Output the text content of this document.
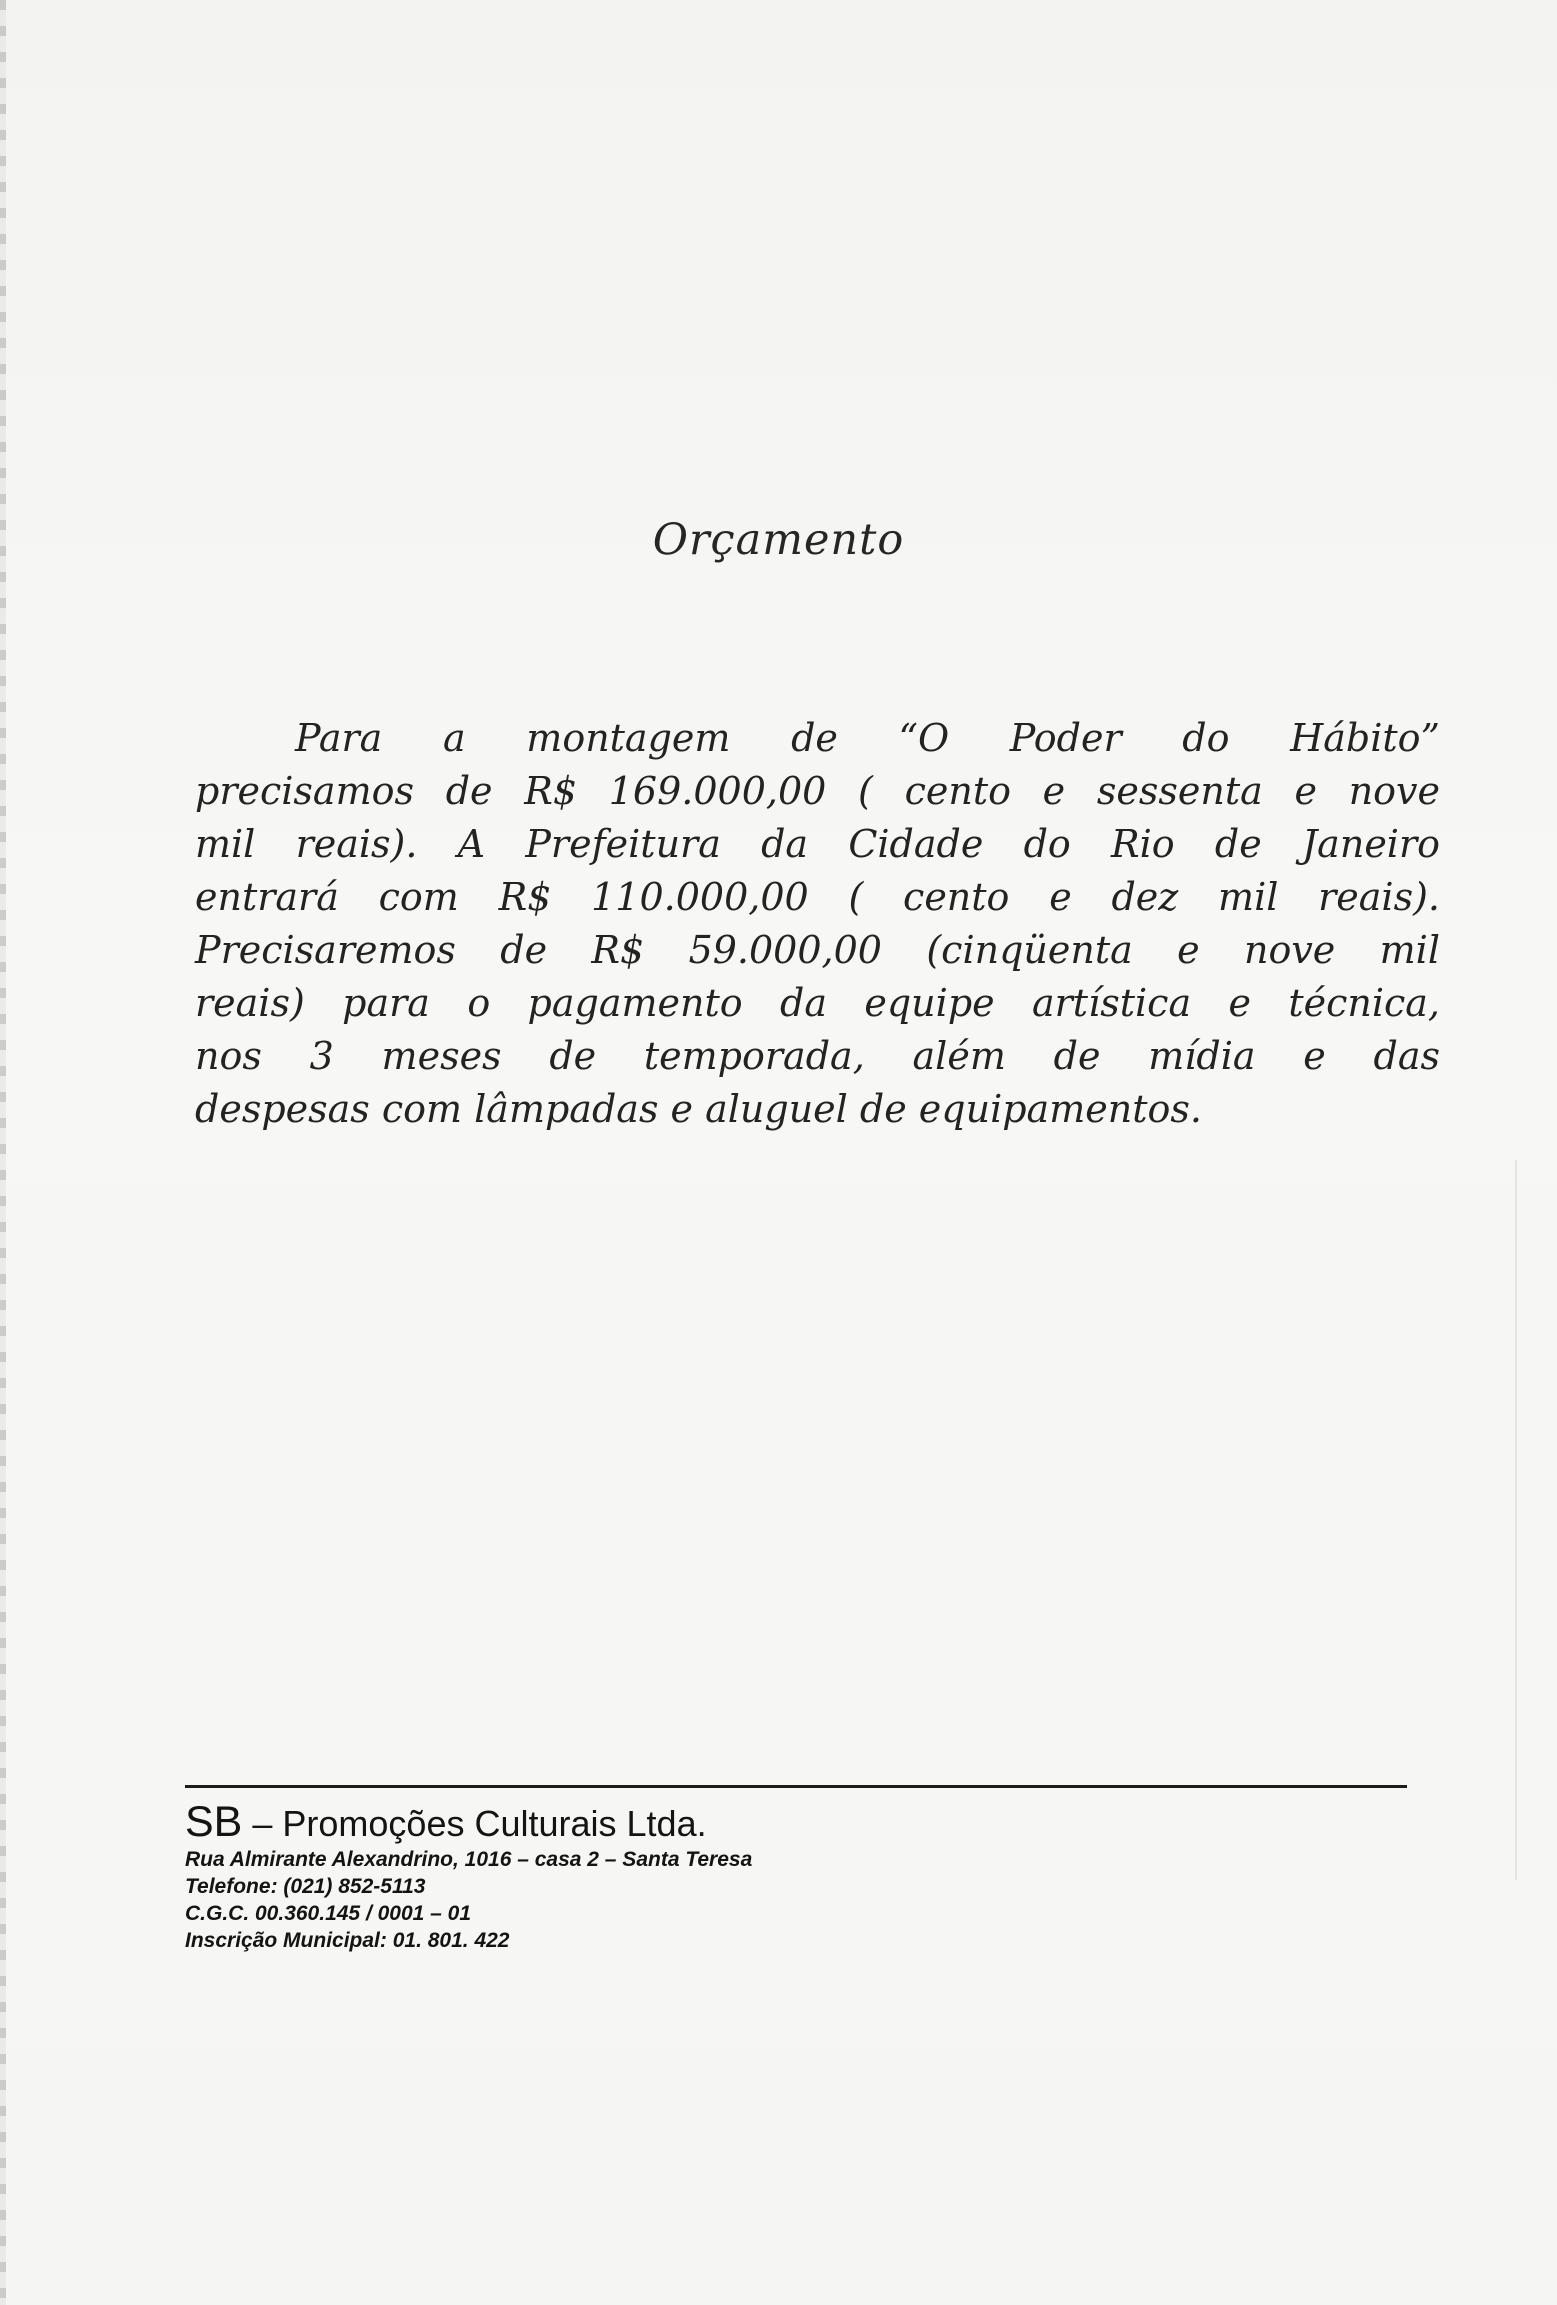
Orçamento
Para a montagem de “O Poder do Hábito”
precisamos de R$ 169.000,00 ( cento e sessenta e nove
mil reais). A Prefeitura da Cidade do Rio de Janeiro
entrará com R$ 110.000,00 ( cento e dez mil reais).
Precisaremos de R$ 59.000,00 (cinqüenta e nove mil
reais) para o pagamento da equipe artística e técnica,
nos 3 meses de temporada, além de mídia e das
despesas com lâmpadas e aluguel de equipamentos.
SB – Promoções Culturais Ltda.
Rua Almirante Alexandrino, 1016 – casa 2 – Santa Teresa
Telefone: (021) 852-5113
C.G.C. 00.360.145 / 0001 – 01
Inscrição Municipal: 01. 801. 422
